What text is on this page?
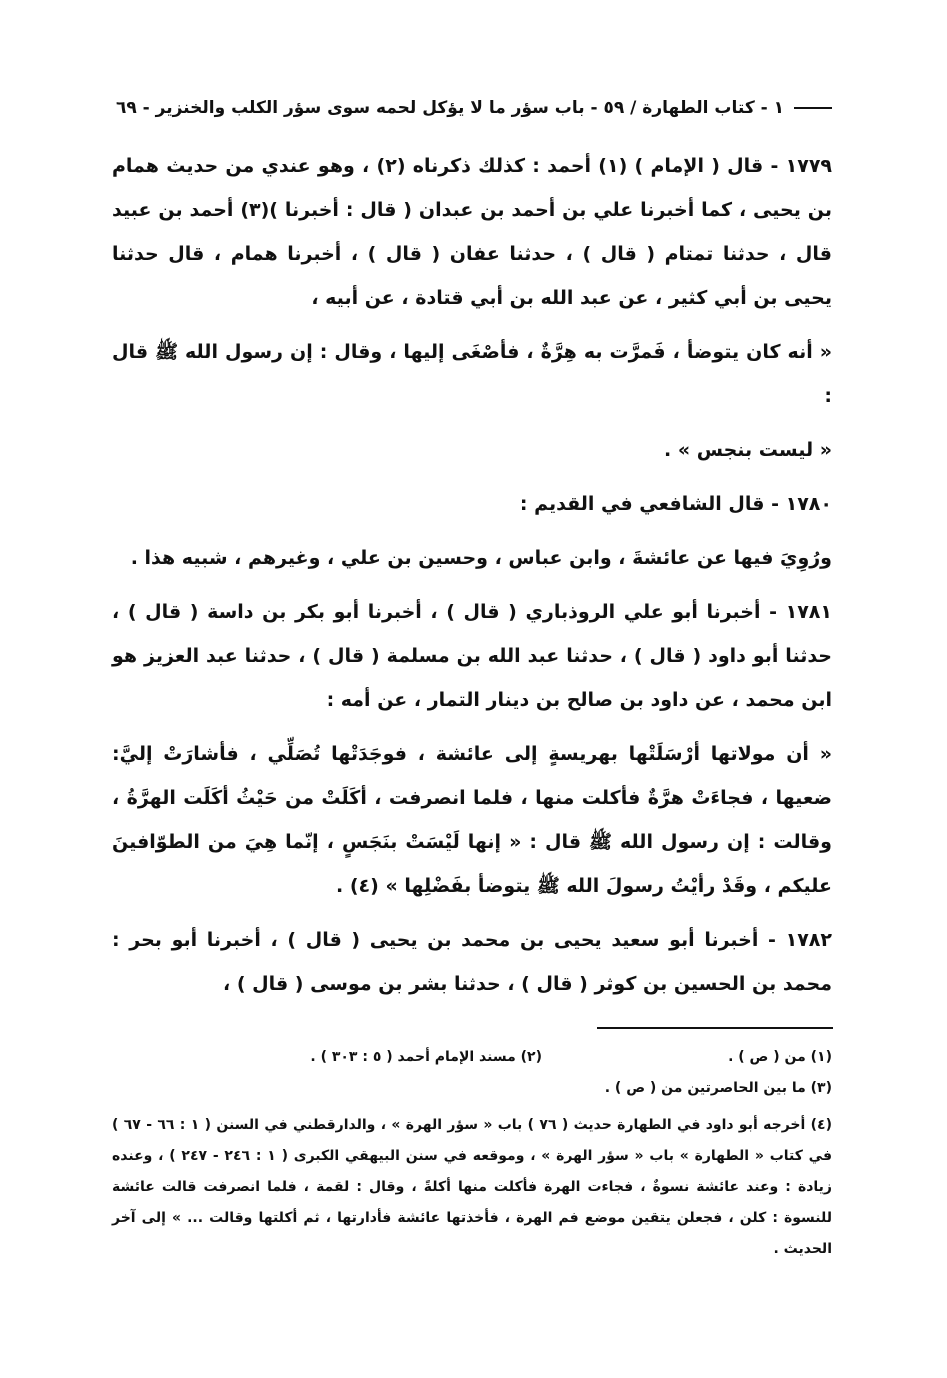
١ - كتاب الطهارة / ٥٩ - باب سؤر ما لا يؤكل لحمه سوى سؤر الكلب والخنزير - ٦٩

١٧٧٩ - قال ( الإمام ) (١) أحمد : كذلك ذكرناه (٢) ، وهو عندي من حديث همام بن يحيى ، كما أخبرنا علي بن أحمد بن عبدان ( قال : أخبرنا )(٣) أحمد بن عبيد قال ، حدثنا تمتام ( قال ) ، حدثنا عفان ( قال ) ، أخبرنا همام ، قال حدثنا يحيى بن أبي كثير ، عن عبد الله بن أبي قتادة ، عن أبيه ،

« أنه كان يتوضأ ، فَمرَّت به هِرَّةٌ ، فأصْغَى إليها ، وقال : إن رسول الله ﷺ قال :

« ليست بنجس » .

١٧٨٠ - قال الشافعي في القديم :

ورُوِيَ فيها عن عائشةَ ، وابن عباس ، وحسين بن علي ، وغيرهم ، شبيه هذا .

١٧٨١ - أخبرنا أبو علي الروذباري ( قال ) ، أخبرنا أبو بكر بن داسة ( قال ) ، حدثنا أبو داود ( قال ) ، حدثنا عبد الله بن مسلمة ( قال ) ، حدثنا عبد العزيز هو ابن محمد ، عن داود بن صالح بن دينار التمار ، عن أمه :

« أن مولاتها أرْسَلَتْها بهريسةٍ إلى عائشة ، فوجَدَتْها تُصَلِّي ، فأشارَتْ إليَّ: ضعيها ، فجاءَتْ هرَّةٌ فأكلت منها ، فلما انصرفت ، أكَلَتْ من حَيْثُ أكَلَت الهرَّةُ ، وقالت : إن رسول الله ﷺ قال : « إنها لَيْسَتْ بنَجَسٍ ، إنّما هِيَ من الطوّافينَ عليكم ، وقَدْ رأيْتُ رسولَ الله ﷺ يتوضأ بفَضْلِها » (٤) .

١٧٨٢ - أخبرنا أبو سعيد يحيى بن محمد بن يحيى ( قال ) ، أخبرنا أبو بحر : محمد بن الحسين بن كوثر ( قال ) ، حدثنا بشر بن موسى ( قال ) ،

(١) من ( ص ) .
(٢) مسند الإمام أحمد ( ٥ : ٣٠٣ ) .
(٣) ما بين الحاصرتين من ( ص ) .
(٤) أخرجه أبو داود في الطهارة حديث ( ٧٦ ) باب « سؤر الهرة » ، والدارقطني في السنن ( ١ : ٦٦ - ٦٧ ) في كتاب « الطهارة » باب « سؤر الهرة » ، وموقعه في سنن البيهقي الكبرى ( ١ : ٢٤٦ - ٢٤٧ ) ، وعنده زيادة : وعند عائشة نسوةٌ ، فجاءت الهرة فأكلت منها أكلةً ، وقال : لقمة ، فلما انصرفت قالت عائشة للنسوة : كلن ، فجعلن يتقين موضع فم الهرة ، فأخذتها عائشة فأدارتها ، ثم أكلتها وقالت ... » إلى آخر الحديث .
